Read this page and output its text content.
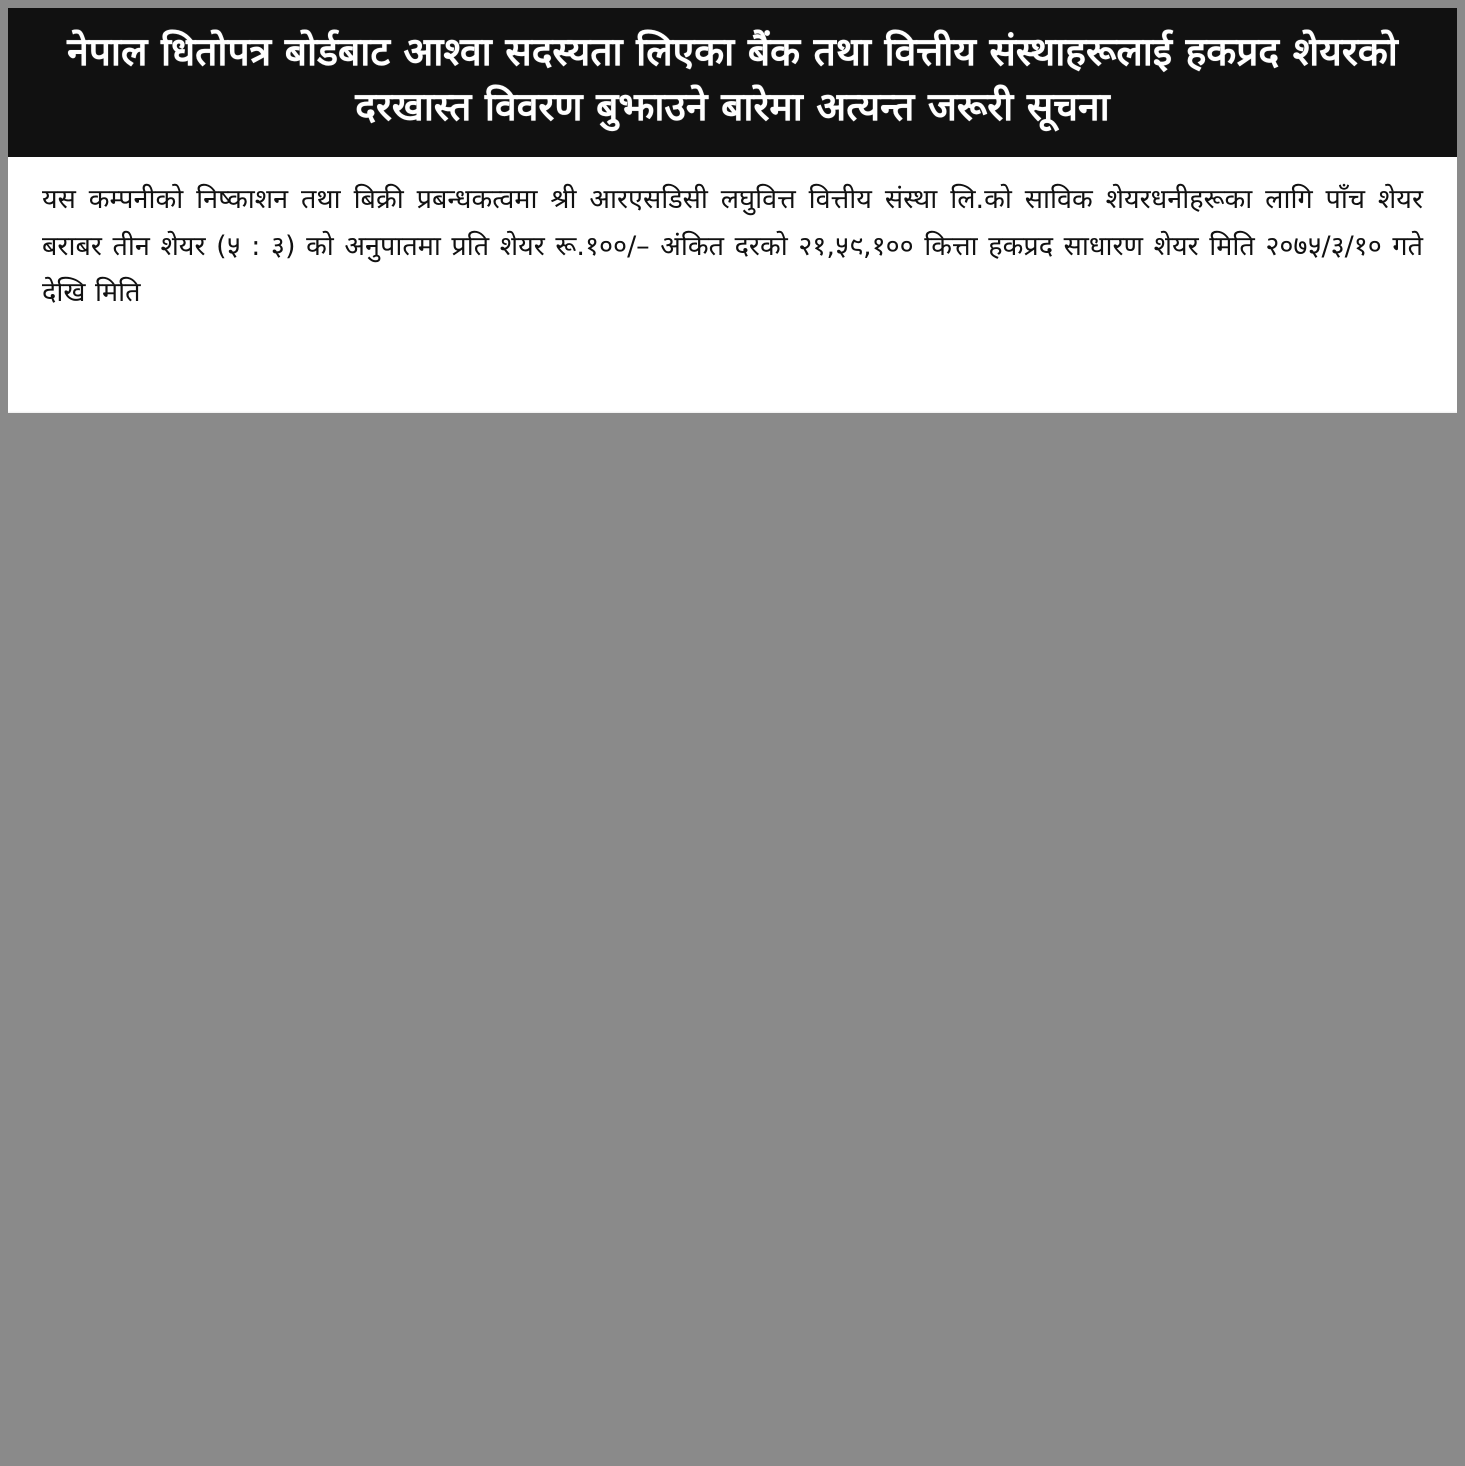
नेपाल धितोपत्र बोर्डबाट आश्वा सदस्यता लिएका बैंक तथा वित्तीय संस्थाहरूलाई हकप्रद शेयरको दरखास्त विवरण बुझाउने बारेमा अत्यन्त जरूरी सूचना

यस कम्पनीको निष्काशन तथा बिक्री प्रबन्धकत्वमा श्री आरएसडिसी लघुवित्त वित्तीय संस्था लि.को साविक शेयरधनीहरूका लागि पाँच शेयर बराबर तीन शेयर (५ : ३) को अनुपातमा प्रति शेयर रू.१००/– अंकित दरको २१,५९,१०० कित्ता हकप्रद साधारण शेयर मिति २०७५/३/१० गते देखि मिति
